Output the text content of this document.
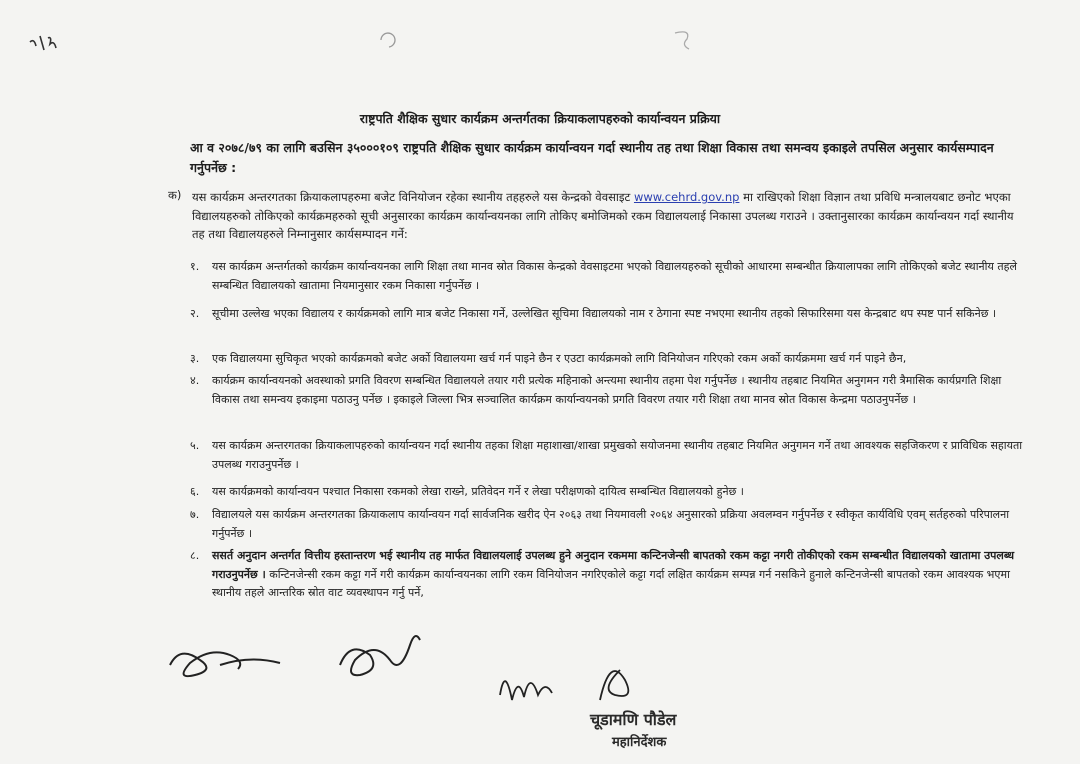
राष्ट्रपति शैक्षिक सुधार कार्यक्रम अन्तर्गतका क्रियाकलापहरुको कार्यान्वयन प्रक्रिया
आ व २०७८/७९ का लागि बउसिन ३५०००१०९ राष्ट्रपति शैक्षिक सुधार कार्यक्रम कार्यान्वयन गर्दा स्थानीय तह तथा शिक्षा विकास तथा समन्वय इकाइले तपसिल अनुसार कार्यसम्पादन गर्नुपर्नेछ :
क) यस कार्यक्रम अन्तरगतका क्रियाकलापहरुमा बजेट विनियोजन रहेका स्थानीय तहहरुले यस केन्द्रको वेवसाइट www.cehrd.gov.np मा राखिएको शिक्षा विज्ञान तथा प्रविधि मन्त्रालयबाट छनोट भएका विद्यालयहरुको तोकिएको कार्यक्रमहरुको सूची अनुसारका कार्यक्रम कार्यान्वयनका लागि तोकिए बमोजिमको रकम विद्यालयलाई निकासा उपलब्ध गराउने । उक्तानुसारका कार्यक्रम कार्यान्वयन गर्दा स्थानीय तह तथा विद्यालयहरुले निम्नानुसार कार्यसम्पादन गर्ने:
१.	यस कार्यक्रम अन्तर्गतको कार्यक्रम कार्यान्वयनका लागि शिक्षा तथा मानव स्रोत विकास केन्द्रको वेवसाइटमा भएको विद्यालयहरुको सूचीको आधारमा सम्बन्धीत क्रियालापका लागि तोकिएको बजेट स्थानीय तहले सम्बन्धित विद्यालयको खातामा नियमानुसार रकम निकासा गर्नुपर्नेछ ।
२.	सूचीमा उल्लेख भएका विद्यालय र कार्यक्रमको लागि मात्र बजेट निकासा गर्ने, उल्लेखित सूचिमा विद्यालयको नाम र ठेगाना स्पष्ट नभएमा स्थानीय तहको सिफारिसमा यस केन्द्रबाट थप स्पष्ट पार्न सकिनेछ ।
३.	एक विद्यालयमा सुचिकृत भएको कार्यक्रमको बजेट अर्को विद्यालयमा खर्च गर्न पाइने छैन र एउटा कार्यक्रमको लागि विनियोजन गरिएको रकम अर्को कार्यक्रममा खर्च गर्न पाइने छैन,
४.	कार्यक्रम कार्यान्वयनको अवस्थाको प्रगति विवरण सम्बन्धित विद्यालयले तयार गरी प्रत्येक महिनाको अन्त्यमा स्थानीय तहमा पेश गर्नुपर्नेछ । स्थानीय तहबाट नियमित अनुगमन गरी त्रैमासिक कार्यप्रगति शिक्षा विकास तथा समन्वय इकाइमा पठाउनु पर्नेछ । इकाइले जिल्ला भित्र सञ्चालित कार्यक्रम कार्यान्वयनको प्रगति विवरण तयार गरी शिक्षा तथा मानव स्रोत विकास केन्द्रमा पठाउनुपर्नेछ ।
५.	यस कार्यक्रम अन्तरगतका क्रियाकलापहरुको कार्यान्वयन गर्दा स्थानीय तहका शिक्षा महाशाखा/शाखा प्रमुखको सयोजनमा स्थानीय तहबाट नियमित अनुगमन गर्ने तथा आवश्यक सहजिकरण र प्राविधिक सहायता उपलब्ध गराउनुपर्नेछ ।
६.	यस कार्यक्रमको कार्यान्वयन पश्चात निकासा रकमको लेखा राख्ने, प्रतिवेदन गर्ने र लेखा परीक्षणको दायित्व सम्बन्धित विद्यालयको हुनेछ ।
७.	विद्यालयले यस कार्यक्रम अन्तरगतका क्रियाकलाप कार्यान्वयन गर्दा सार्वजनिक खरीद ऐन २०६३ तथा नियमावली २०६४ अनुसारको प्रक्रिया अवलम्वन गर्नुपर्नेछ र स्वीकृत कार्यविधि एवम् सर्तहरुको परिपालना गर्नुपर्नेछ ।
८.	ससर्त अनुदान अन्तर्गत वित्तीय हस्तान्तरण भई स्थानीय तह मार्फत विद्यालयलाई उपलब्ध हुने अनुदान रकममा कन्टिनजेन्सी बापतको रकम कट्टा नगरी तोकीएको रकम सम्बन्धीत विद्यालयको खातामा उपलब्ध गराउनुपर्नेछ । कन्टिनजेन्सी रकम कट्टा गर्ने गरी कार्यक्रम कार्यान्वयनका लागि रकम विनियोजन नगरिएकोले कट्टा गर्दा लक्षित कार्यक्रम सम्पन्न गर्न नसकिने हुनाले कन्टिनजेन्सी बापतको रकम आवश्यक भएमा स्थानीय तहले आन्तरिक स्रोत वाट व्यवस्थापन गर्नु पर्ने,
चूडामणि पौडेल
महानिर्देशक
